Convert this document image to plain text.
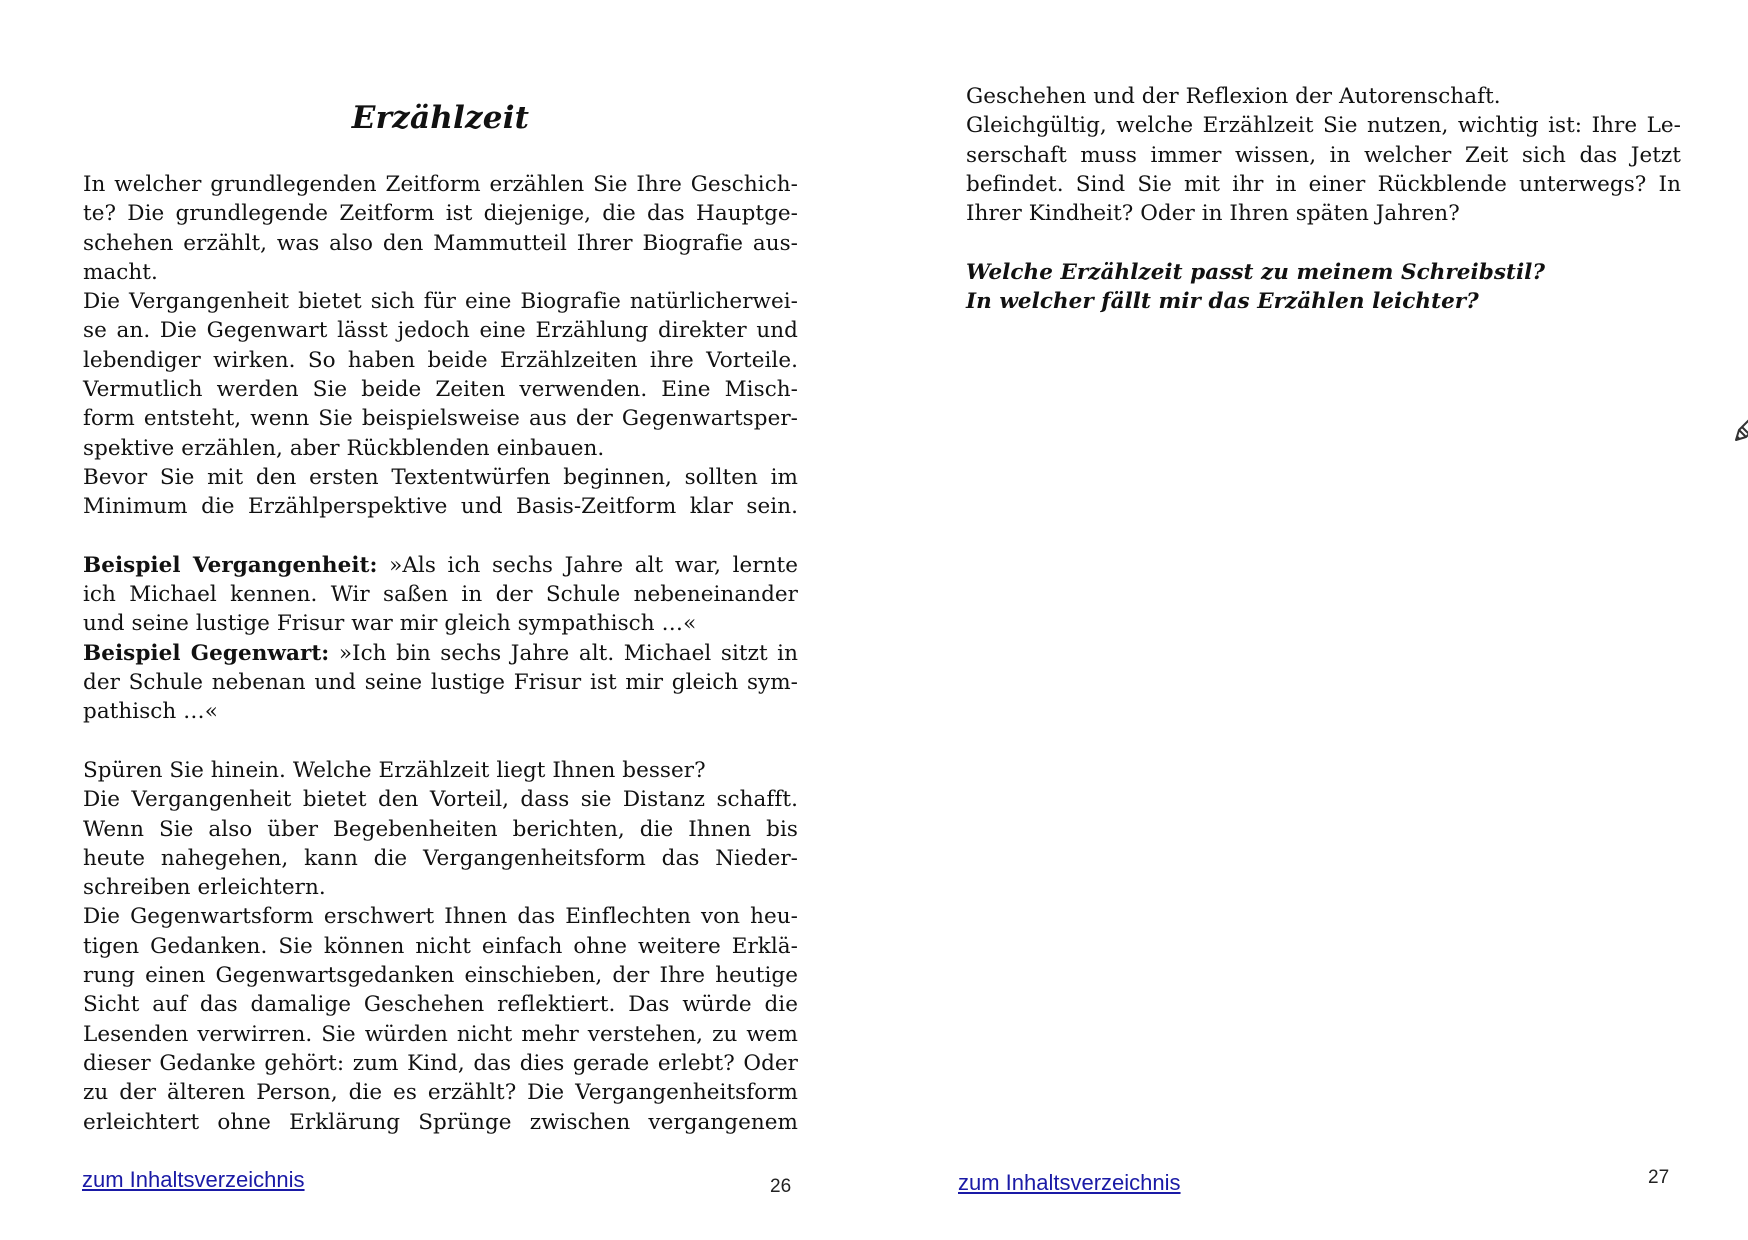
Erzählzeit
In welcher grundlegenden Zeitform erzählen Sie Ihre Geschich-
te? Die grundlegende Zeitform ist diejenige, die das Hauptge-
schehen erzählt, was also den Mammutteil Ihrer Biografie aus-
macht.
Die Vergangenheit bietet sich für eine Biografie natürlicherwei-
se an. Die Gegenwart lässt jedoch eine Erzählung direkter und
lebendiger wirken. So haben beide Erzählzeiten ihre Vorteile.
Vermutlich werden Sie beide Zeiten verwenden. Eine Misch-
form entsteht, wenn Sie beispielsweise aus der Gegenwartsper-
spektive erzählen, aber Rückblenden einbauen.
Bevor Sie mit den ersten Textentwürfen beginnen, sollten im
Minimum die Erzählperspektive und Basis-Zeitform klar sein.
Beispiel Vergangenheit: »Als ich sechs Jahre alt war, lernte
ich Michael kennen. Wir saßen in der Schule nebeneinander
und seine lustige Frisur war mir gleich sympathisch …«
Beispiel Gegenwart: »Ich bin sechs Jahre alt. Michael sitzt in
der Schule nebenan und seine lustige Frisur ist mir gleich sym-
pathisch …«
Spüren Sie hinein. Welche Erzählzeit liegt Ihnen besser?
Die Vergangenheit bietet den Vorteil, dass sie Distanz schafft.
Wenn Sie also über Begebenheiten berichten, die Ihnen bis
heute nahegehen, kann die Vergangenheitsform das Nieder-
schreiben erleichtern.
Die Gegenwartsform erschwert Ihnen das Einflechten von heu-
tigen Gedanken. Sie können nicht einfach ohne weitere Erklä-
rung einen Gegenwartsgedanken einschieben, der Ihre heutige
Sicht auf das damalige Geschehen reflektiert. Das würde die
Lesenden verwirren. Sie würden nicht mehr verstehen, zu wem
dieser Gedanke gehört: zum Kind, das dies gerade erlebt? Oder
zu der älteren Person, die es erzählt? Die Vergangenheitsform
erleichtert ohne Erklärung Sprünge zwischen vergangenem
zum Inhaltsverzeichnis	26
Geschehen und der Reflexion der Autorenschaft.
Gleichgültig, welche Erzählzeit Sie nutzen, wichtig ist: Ihre Le-
serschaft muss immer wissen, in welcher Zeit sich das Jetzt
befindet. Sind Sie mit ihr in einer Rückblende unterwegs? In
Ihrer Kindheit? Oder in Ihren späten Jahren?
Welche Erzählzeit passt zu meinem Schreibstil?
In welcher fällt mir das Erzählen leichter?
zum Inhaltsverzeichnis	27
